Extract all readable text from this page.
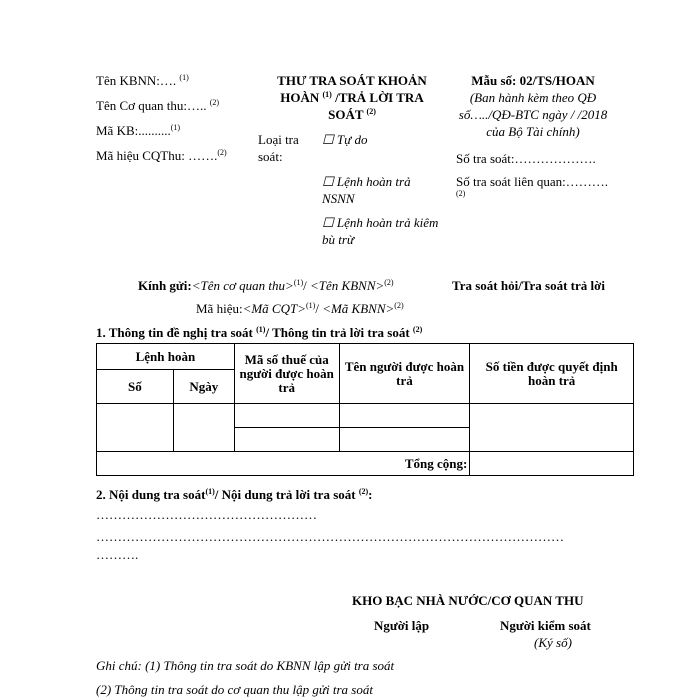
Tên KBNN:…. $^{(1)}$
Tên Cơ quan thu:….. $^{(2)}$
Mã KB:..........$^{(1)}$
Mã hiệu CQThu: …….$^{(2)}$
THƯ TRA SOÁT KHOẢN
HOÀN $^{(1)}$ /TRẢ LỜI TRA
SOÁT $^{(2)}$
Mẫu số: 02/TS/HOAN
(Ban hành kèm theo QĐ
số…../QĐ-BTC ngày / /2018
của Bộ Tài chính)
Loại tra
soát:
☐ Tự do
☐ Lệnh hoàn trả
NSNN
☐ Lệnh hoàn trả kiêm
bù trừ
Số tra soát:……………….
Số tra soát liên quan:……….
$^{(2)}$
Kính gửi:<Tên cơ quan thu>$^{(1)}$/ <Tên KBNN>$^{(2)}$	Tra soát hỏi/Tra soát trả lời
Mã hiệu:<Mã CQT>$^{(1)}$/ <Mã KBNN>$^{(2)}$
1. Thông tin đề nghị tra soát $^{(1)}$/ Thông tin trả lời tra soát $^{(2)}$
Lệnh hoàn		Mã số thuế của người được hoàn trả	Tên người được hoàn trả	Số tiền được quyết định hoàn trả
Số	Ngày			

Tổng cộng:				
2. Nội dung tra soát$^{(1)}$/ Nội dung trả lời tra soát $^{(2)}$:
……………………………………………
………………………………………………………………………………………………
……….
KHO BẠC NHÀ NƯỚC/CƠ QUAN THU
Người lập	Người kiểm soát
(Ký số)
Ghi chú: (1) Thông tin tra soát do KBNN lập gửi tra soát
(2) Thông tin tra soát do cơ quan thu lập gửi tra soát
